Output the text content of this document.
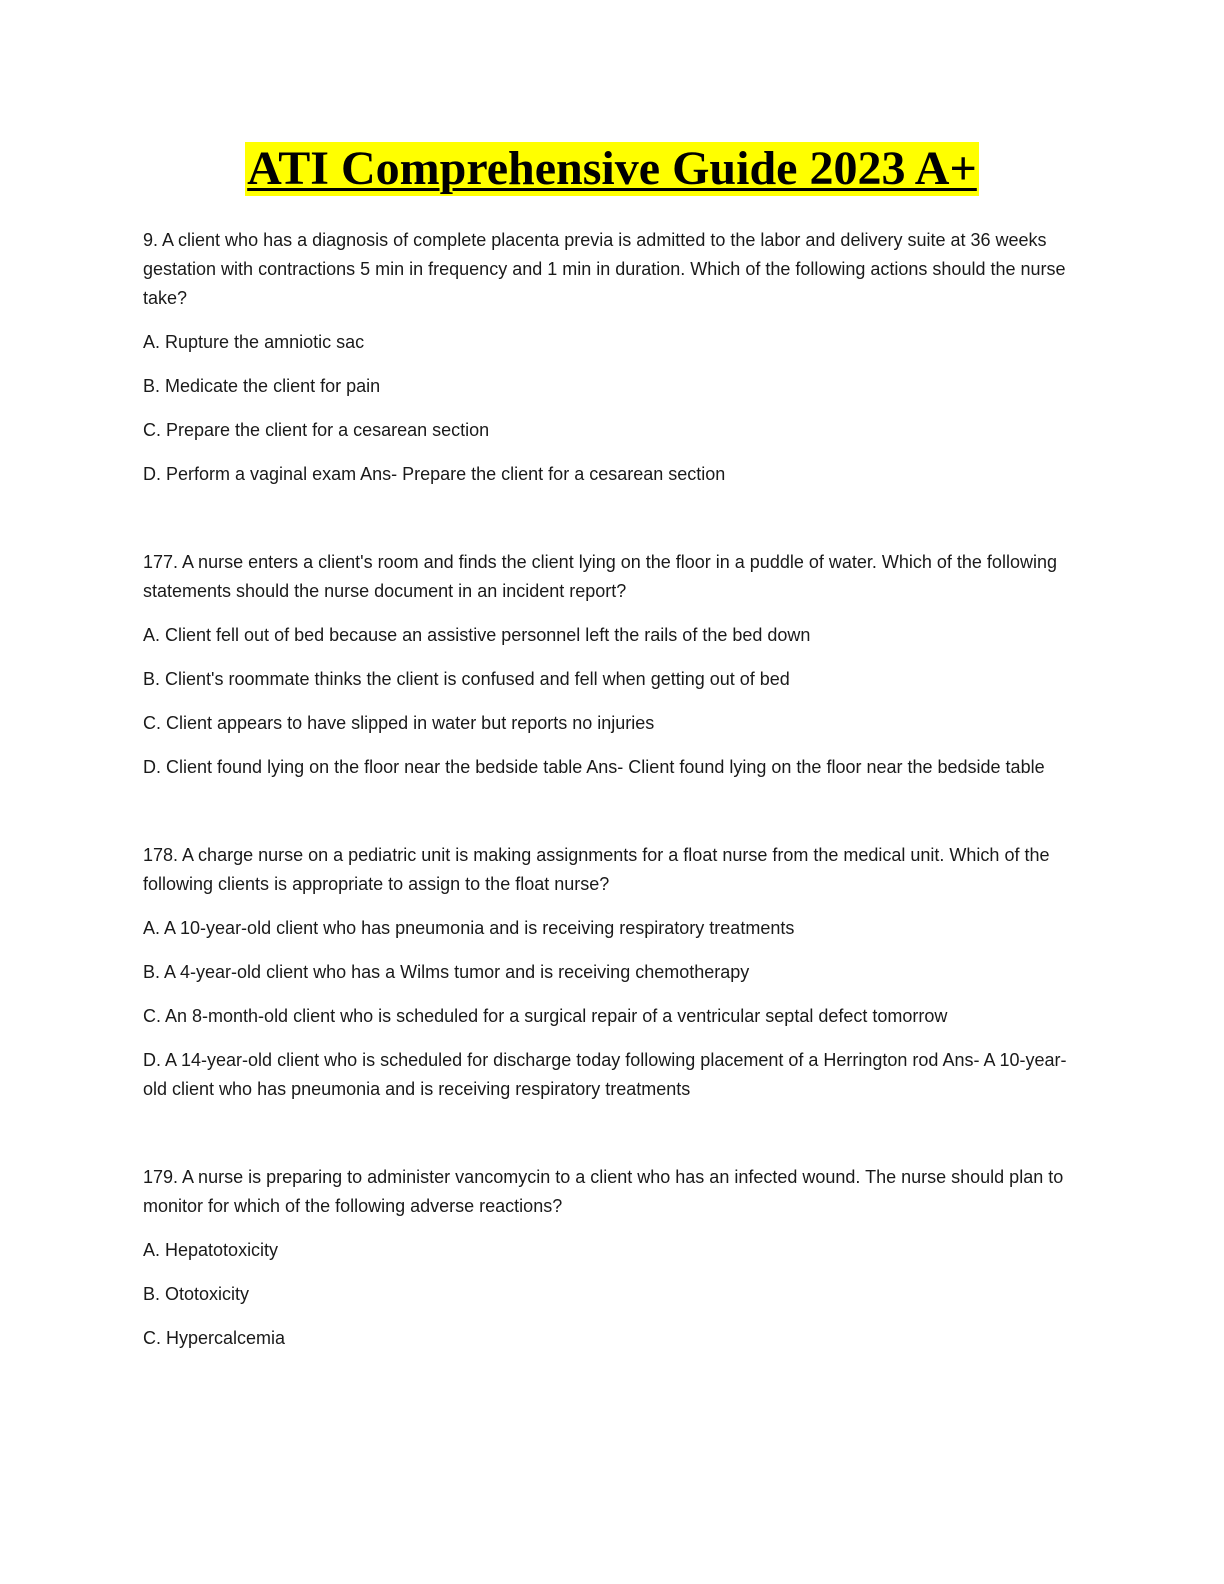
ATI Comprehensive Guide 2023 A+

9. A client who has a diagnosis of complete placenta previa is admitted to the labor and delivery suite at 36 weeks gestation with contractions 5 min in frequency and 1 min in duration. Which of the following actions should the nurse take?

A. Rupture the amniotic sac

B. Medicate the client for pain

C. Prepare the client for a cesarean section

D. Perform a vaginal exam Ans- Prepare the client for a cesarean section

177. A nurse enters a client's room and finds the client lying on the floor in a puddle of water. Which of the following statements should the nurse document in an incident report?

A. Client fell out of bed because an assistive personnel left the rails of the bed down

B. Client's roommate thinks the client is confused and fell when getting out of bed

C. Client appears to have slipped in water but reports no injuries

D. Client found lying on the floor near the bedside table Ans- Client found lying on the floor near the bedside table

178. A charge nurse on a pediatric unit is making assignments for a float nurse from the medical unit. Which of the following clients is appropriate to assign to the float nurse?

A. A 10-year-old client who has pneumonia and is receiving respiratory treatments

B. A 4-year-old client who has a Wilms tumor and is receiving chemotherapy

C. An 8-month-old client who is scheduled for a surgical repair of a ventricular septal defect tomorrow

D. A 14-year-old client who is scheduled for discharge today following placement of a Herrington rod Ans- A 10-year-old client who has pneumonia and is receiving respiratory treatments

179. A nurse is preparing to administer vancomycin to a client who has an infected wound. The nurse should plan to monitor for which of the following adverse reactions?

A. Hepatotoxicity

B. Ototoxicity

C. Hypercalcemia
